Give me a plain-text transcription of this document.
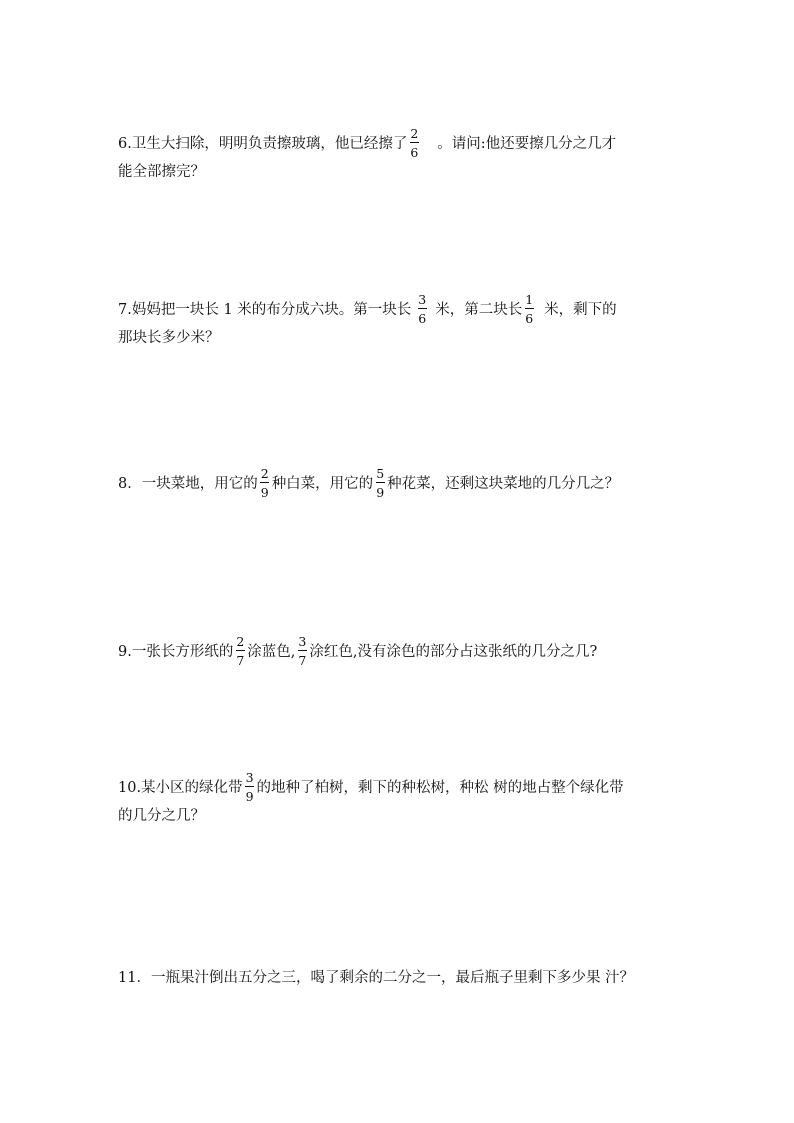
6.卫生大扫除，明明负责擦玻璃，他已经擦了 $\frac{2}{6}$ 。请问:他还要擦几分之几才
能全部擦完？
7.妈妈把一块长 1 米的布分成六块。第一块长 $\frac{3}{6}$ 米，第二块长 $\frac{1}{6}$ 米，剩下的
那块长多少米？
8．一块菜地，用它的 $\frac{2}{9}$ 种白菜，用它的 $\frac{5}{9}$ 种花菜，还剩这块菜地的几分几之？
9.一张长方形纸的 $\frac{2}{7}$ 涂蓝色, $\frac{3}{7}$ 涂红色,没有涂色的部分占这张纸的几分之几?
10.某小区的绿化带 $\frac{3}{9}$ 的地种了柏树，剩下的种松树，种松 树的地占整个绿化带
的几分之几？
11．一瓶果汁倒出五分之三，喝了剩余的二分之一，最后瓶子里剩下多少果 汁？
